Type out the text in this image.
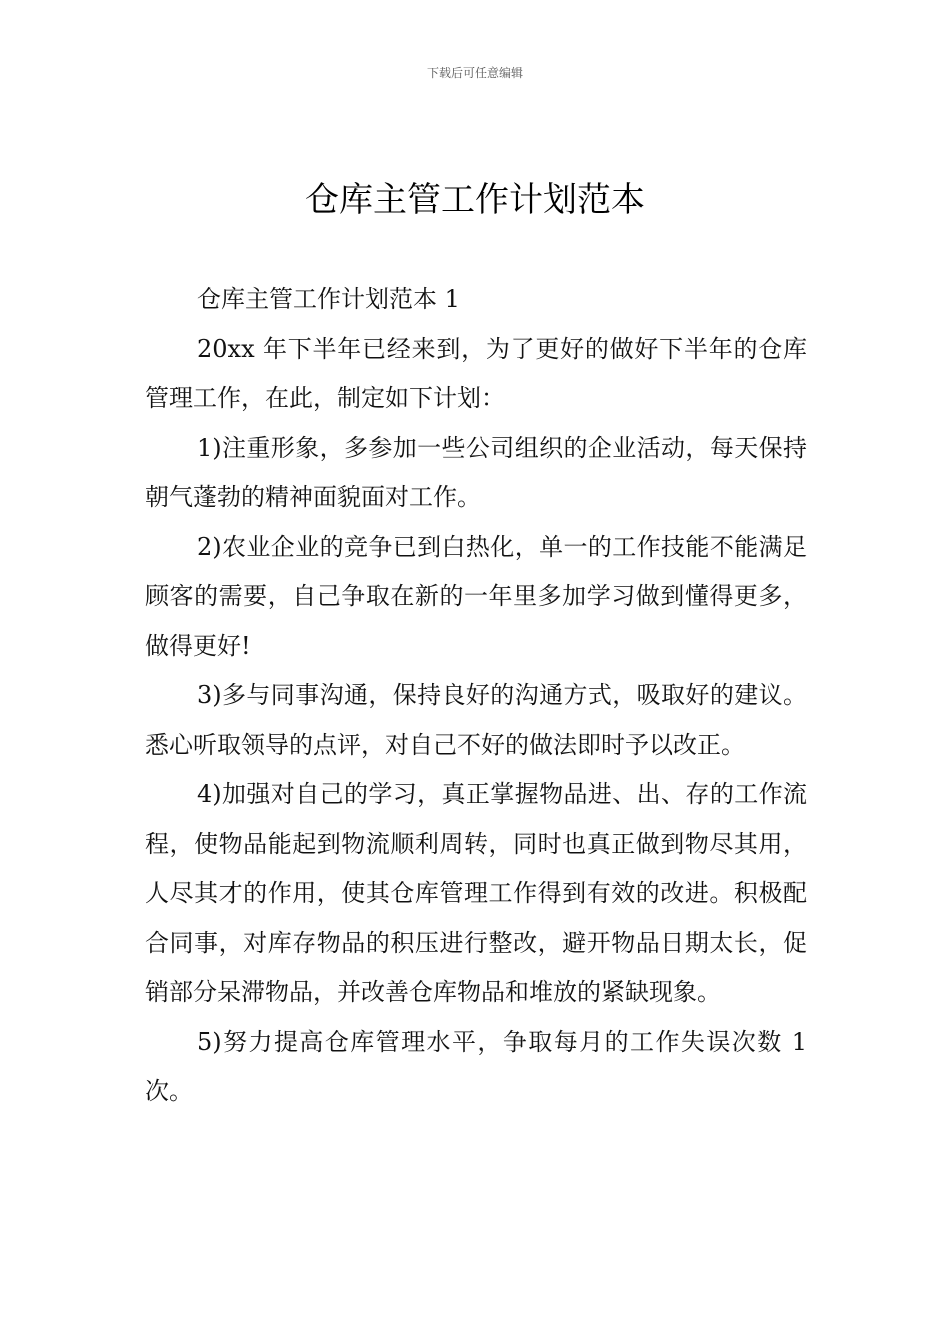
下载后可任意编辑
仓库主管工作计划范本

仓库主管工作计划范本 1

20xx 年下半年已经来到，为了更好的做好下半年的仓库管理工作，在此，制定如下计划：

1)注重形象，多参加一些公司组织的企业活动，每天保持朝气蓬勃的精神面貌面对工作。

2)农业企业的竞争已到白热化，单一的工作技能不能满足顾客的需要，自己争取在新的一年里多加学习做到懂得更多，做得更好!

3)多与同事沟通，保持良好的沟通方式，吸取好的建议。悉心听取领导的点评，对自己不好的做法即时予以改正。

4)加强对自己的学习，真正掌握物品进、出、存的工作流程，使物品能起到物流顺利周转，同时也真正做到物尽其用，人尽其才的作用，使其仓库管理工作得到有效的改进。积极配合同事，对库存物品的积压进行整改，避开物品日期太长，促销部分呆滞物品，并改善仓库物品和堆放的紧缺现象。

5)努力提高仓库管理水平，争取每月的工作失误次数 1 次。
